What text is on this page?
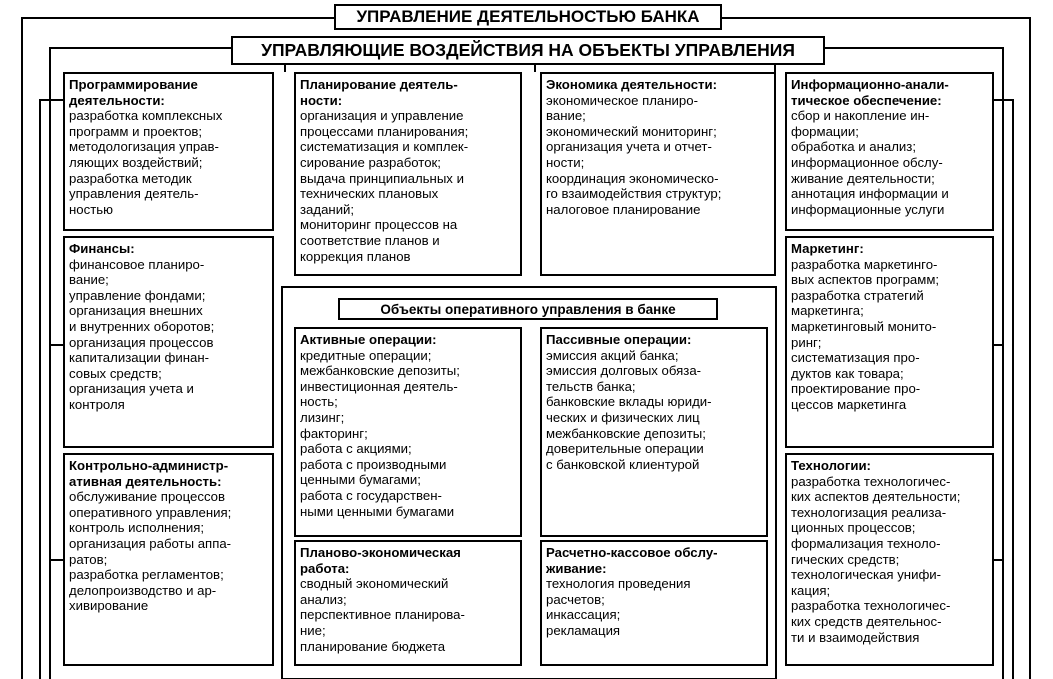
УПРАВЛЕНИЕ ДЕЯТЕЛЬНОСТЬЮ БАНКА
УПРАВЛЯЮЩИЕ ВОЗДЕЙСТВИЯ НА ОБЪЕКТЫ УПРАВЛЕНИЯ
Программирование
деятельности:
разработка комплексных
программ и проектов;
методологизация управ-
ляющих воздействий;
разработка методик
управления деятель-
ностью
Планирование деятель-
ности:
организация и управление
процессами планирования;
систематизация и комплек-
сирование разработок;
выдача принципиальных и
технических плановых
заданий;
мониторинг процессов на
соответствие планов и
коррекция планов
Экономика деятельности:
экономическое планиро-
вание;
экономический мониторинг;
организация учета и отчет-
ности;
координация экономическо-
го взаимодействия структур;
налоговое планирование
Информационно-анали-
тическое обеспечение:
сбор и накопление ин-
формации;
обработка и анализ;
информационное обслу-
живание деятельности;
аннотация информации и
информационные услуги
Финансы:
финансовое планиро-
вание;
управление фондами;
организация внешних
и внутренних оборотов;
организация процессов
капитализации финан-
совых средств;
организация учета и
контроля
Маркетинг:
разработка маркетинго-
вых аспектов программ;
разработка стратегий
маркетинга;
маркетинговый монито-
ринг;
систематизация про-
дуктов как товара;
проектирование про-
цессов маркетинга
Объекты оперативного управления в банке
Активные операции:
кредитные операции;
межбанковские депозиты;
инвестиционная деятель-
ность;
лизинг;
факторинг;
работа с акциями;
работа с производными
ценными бумагами;
работа с государствен-
ными ценными бумагами
Пассивные операции:
эмиссия акций банка;
эмиссия долговых обяза-
тельств банка;
банковские вклады юриди-
ческих и физических лиц
межбанковские депозиты;
доверительные операции
с банковской клиентурой
Планово-экономическая
работа:
сводный экономический
анализ;
перспективное планирова-
ние;
планирование бюджета
Расчетно-кассовое обслу-
живание:
технология проведения
расчетов;
инкассация;
рекламация
Контрольно-администр-
ативная деятельность:
обслуживание процессов
оперативного управления;
контроль исполнения;
организация работы аппа-
ратов;
разработка регламентов;
делопроизводство и ар-
хивирование
Технологии:
разработка технологичес-
ких аспектов деятельности;
технологизация реализа-
ционных процессов;
формализация техноло-
гических средств;
технологическая унифи-
кация;
разработка технологичес-
ких средств деятельнос-
ти и взаимодействия
